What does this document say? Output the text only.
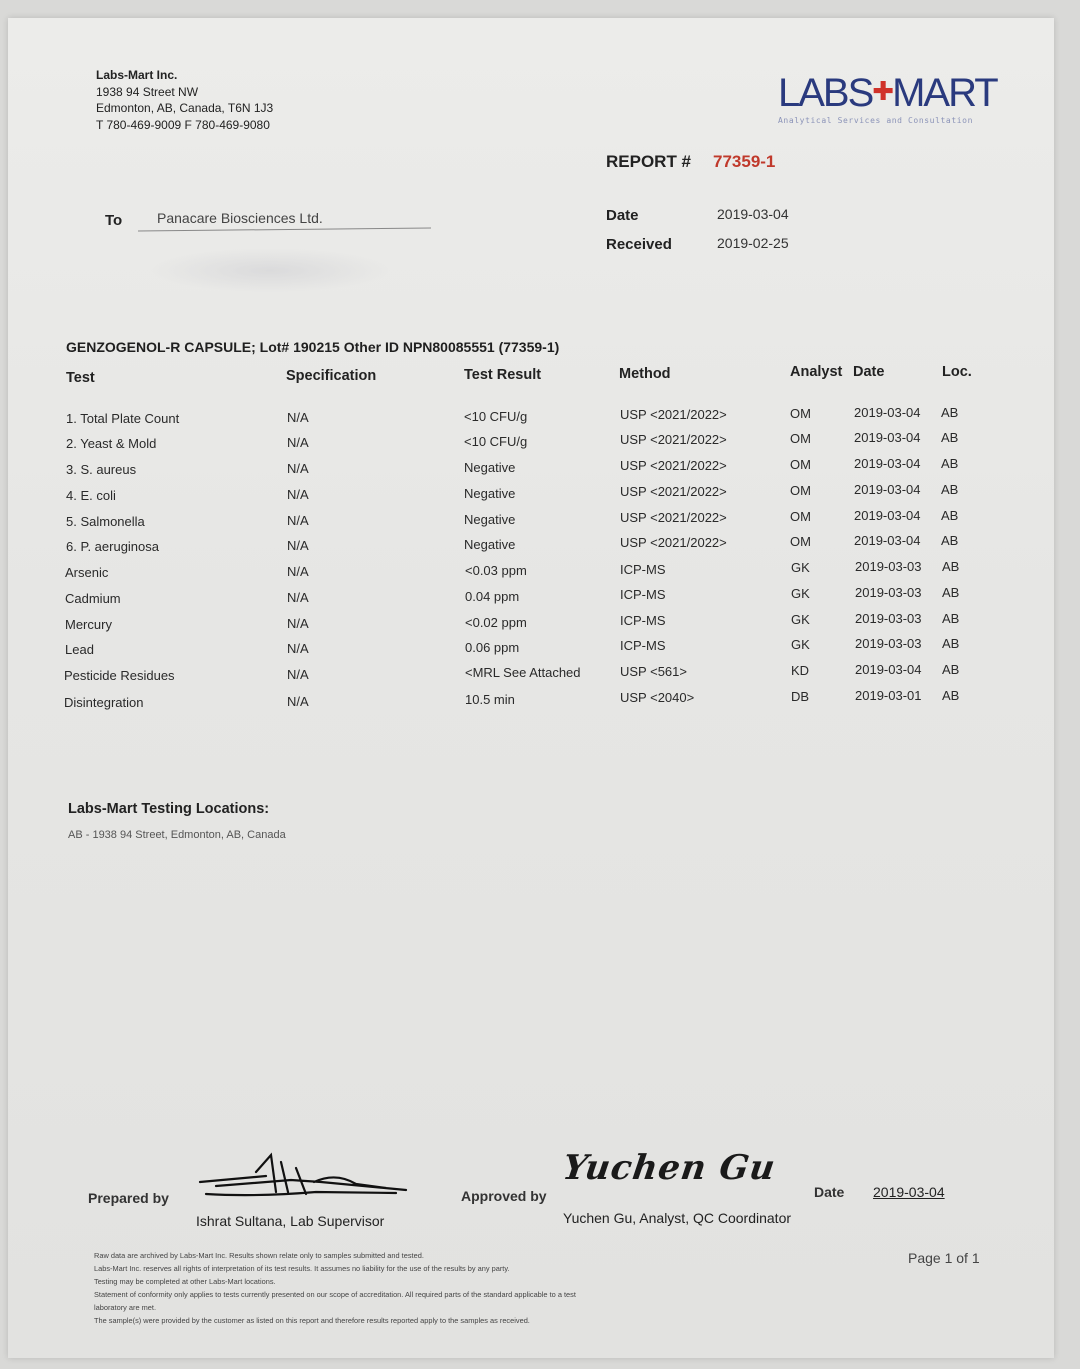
Labs-Mart Inc.
1938 94 Street NW
Edmonton, AB, Canada, T6N 1J3
T 780-469-9009 F 780-469-9080
LABS✚MART
Analytical Services and Consultation
REPORT # 77359-1
To Panacare Biosciences Ltd.	Date	2019-03-04
Received	2019-02-25
GENZOGENOL-R CAPSULE; Lot# 190215 Other ID NPN80085551 (77359-1)
Test	Specification	Test Result	Method	Analyst Date	Loc.
1. Total Plate Count	N/A	<10 CFU/g	USP <2021/2022>	OM	2019-03-04 AB
2. Yeast & Mold	N/A	<10 CFU/g	USP <2021/2022>	OM	2019-03-04 AB
3. S. aureus	N/A	Negative	USP <2021/2022>	OM	2019-03-04 AB
4. E. coli	N/A	Negative	USP <2021/2022>	OM	2019-03-04 AB
5. Salmonella	N/A	Negative	USP <2021/2022>	OM	2019-03-04 AB
6. P. aeruginosa	N/A	Negative	USP <2021/2022>	OM	2019-03-04 AB
Arsenic	N/A	<0.03 ppm	ICP-MS	GK	2019-03-03 AB
Cadmium	N/A	0.04 ppm	ICP-MS	GK	2019-03-03 AB
Mercury	N/A	<0.02 ppm	ICP-MS	GK	2019-03-03 AB
Lead	N/A	0.06 ppm	ICP-MS	GK	2019-03-03 AB
Pesticide Residues	N/A	<MRL See Attached	USP <561>	KD	2019-03-04 AB
Disintegration	N/A	10.5 min	USP <2040>	DB	2019-03-01 AB
Labs-Mart Testing Locations:
AB - 1938 94 Street, Edmonton, AB, Canada
Prepared by
Ishrat Sultana, Lab Supervisor
Approved by
Yuchen Gu
Yuchen Gu, Analyst, QC Coordinator
Date 2019-03-04
Page 1 of 1
Raw data are archived by Labs-Mart Inc. Results shown relate only to samples submitted and tested.
Labs-Mart Inc. reserves all rights of interpretation of its test results. It assumes no liability for the use of the results by any party.
Testing may be completed at other Labs-Mart locations.
Statement of conformity only applies to tests currently presented on our scope of accreditation. All required parts of the standard applicable to a test
laboratory are met.
The sample(s) were provided by the customer as listed on this report and therefore results reported apply to the samples as received.
